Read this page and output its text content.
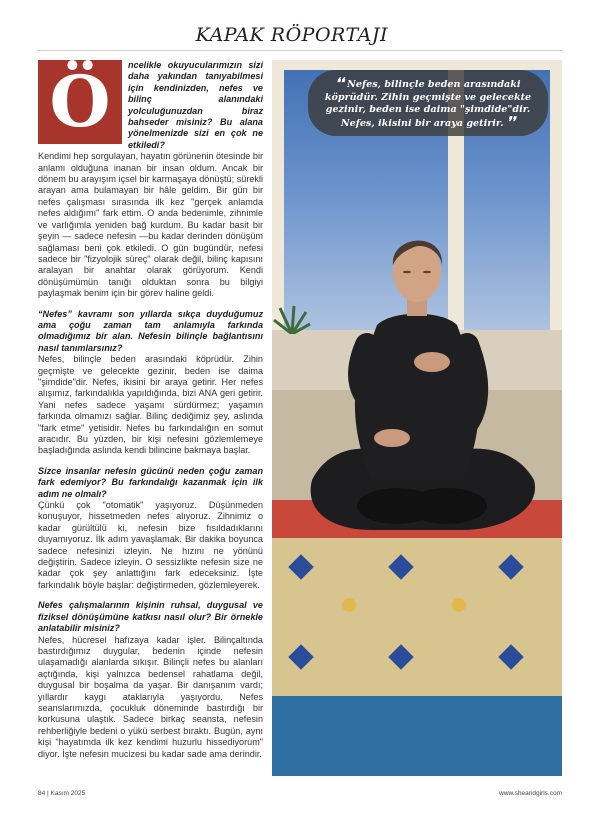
KAPAK RÖPORTAJI
Ö	ncelikle okuyucularımızın sizi daha yakından tanıyabilmesi için kendinizden, nefes ve bilinç alanındaki yolculuğunuzdan biraz bahseder misiniz? Bu alana yönelmenizde sizi en çok ne etkiledi?

Kendimi hep sorgulayan, hayatın görünenin ötesinde bir anlamı olduğuna inanan bir insan oldum. Ancak bir dönem bu arayışım içsel bir karmaşaya dönüştü; sürekli arayan ama bulamayan bir hâle geldim. Bir gün bir nefes çalışması sırasında ilk kez "gerçek anlamda nefes aldığımı" fark ettim. O anda bedenimle, zihnimle ve varlığımla yeniden bağ kurdum. Bu kadar basit bir şeyin — sadece nefesin —bu kadar derinden dönüşüm sağlaması beni çok etkiledi. O gün bugündür, nefesi sadece bir "fizyolojik süreç" olarak değil, bilinç kapısını aralayan bir anahtar olarak görüyorum. Kendi dönüşümümün tanığı olduktan sonra bu bilgiyi paylaşmak benim için bir görev haline geldi.

“Nefes” kavramı son yıllarda sıkça duyduğumuz ama çoğu zaman tam anlamıyla farkında olmadığımız bir alan. Nefesin bilinçle bağlantısını nasıl tanımlarsınız?

Nefes, bilinçle beden arasındaki köprüdür. Zihin geçmişte ve gelecekte gezinir, beden ise daima "şimdide"dir. Nefes, ikisini bir araya getirir. Her nefes alışımız, farkındalıkla yapıldığında, bizi ANA geri getirir. Yani nefes sadece yaşamı sürdürmez; yaşamın farkında olmamızı sağlar. Bilinç dediğimiz şey, aslında "fark etme" yetisidir. Nefes bu farkındalığın en somut aracıdır. Bu yüzden, bir kişi nefesini gözlemlemeye başladığında aslında kendi bilincine bakmaya başlar.

Sizce insanlar nefesin gücünü neden çoğu zaman fark edemiyor? Bu farkındalığı kazanmak için ilk adım ne olmalı?

Çünkü çok "otomatik" yaşıyoruz. Düşünmeden konuşuyor, hissetmeden nefes alıyoruz. Zihnimiz o kadar gürültülü ki, nefesin bize fısıldadıklarını duyamıyoruz. İlk adım yavaşlamak. Bir dakika boyunca sadece nefesinizi izleyin. Ne hızını ne yönünü değiştirin. Sadece izleyin. O sessizlikte nefesin size ne kadar çok şey anlattığını fark edeceksiniz. İşte farkındalık böyle başlar: değiştirmeden, gözlemleyerek.

Nefes çalışmalarının kişinin ruhsal, duygusal ve fiziksel dönüşümüne katkısı nasıl olur? Bir örnekle anlatabilir misiniz?

Nefes, hücresel hafızaya kadar işler. Bilinçaltında bastırdığımız duygular, bedenin içinde nefesin ulaşamadığı alanlarda sıkışır. Bilinçli nefes bu alanları açtığında, kişi yalnızca bedensel rahatlama değil, duygusal bir boşalma da yaşar. Bir danışanım vardı; yıllardır kaygı ataklarıyla yaşıyordu. Nefes seanslarımızda, çocukluk döneminde bastırdığı bir korkusuna ulaştık. Sadece birkaç seansta, nefesin rehberliğiyle bedeni o yükü serbest bıraktı. Bugün, aynı kişi "hayatımda ilk kez kendimi huzurlu hissediyorum" diyor. İşte nefesin mucizesi bu kadar sade ama derindir.

❛❛ Nefes, bilinçle beden arasındaki köprüdür. Zihin geçmişte ve gelecekte gezinir, beden ise daima "şimdide"dir. Nefes, ikisini bir araya getirir. ❜❜
84 | Kasım 2025	www.sheandgirls.com
